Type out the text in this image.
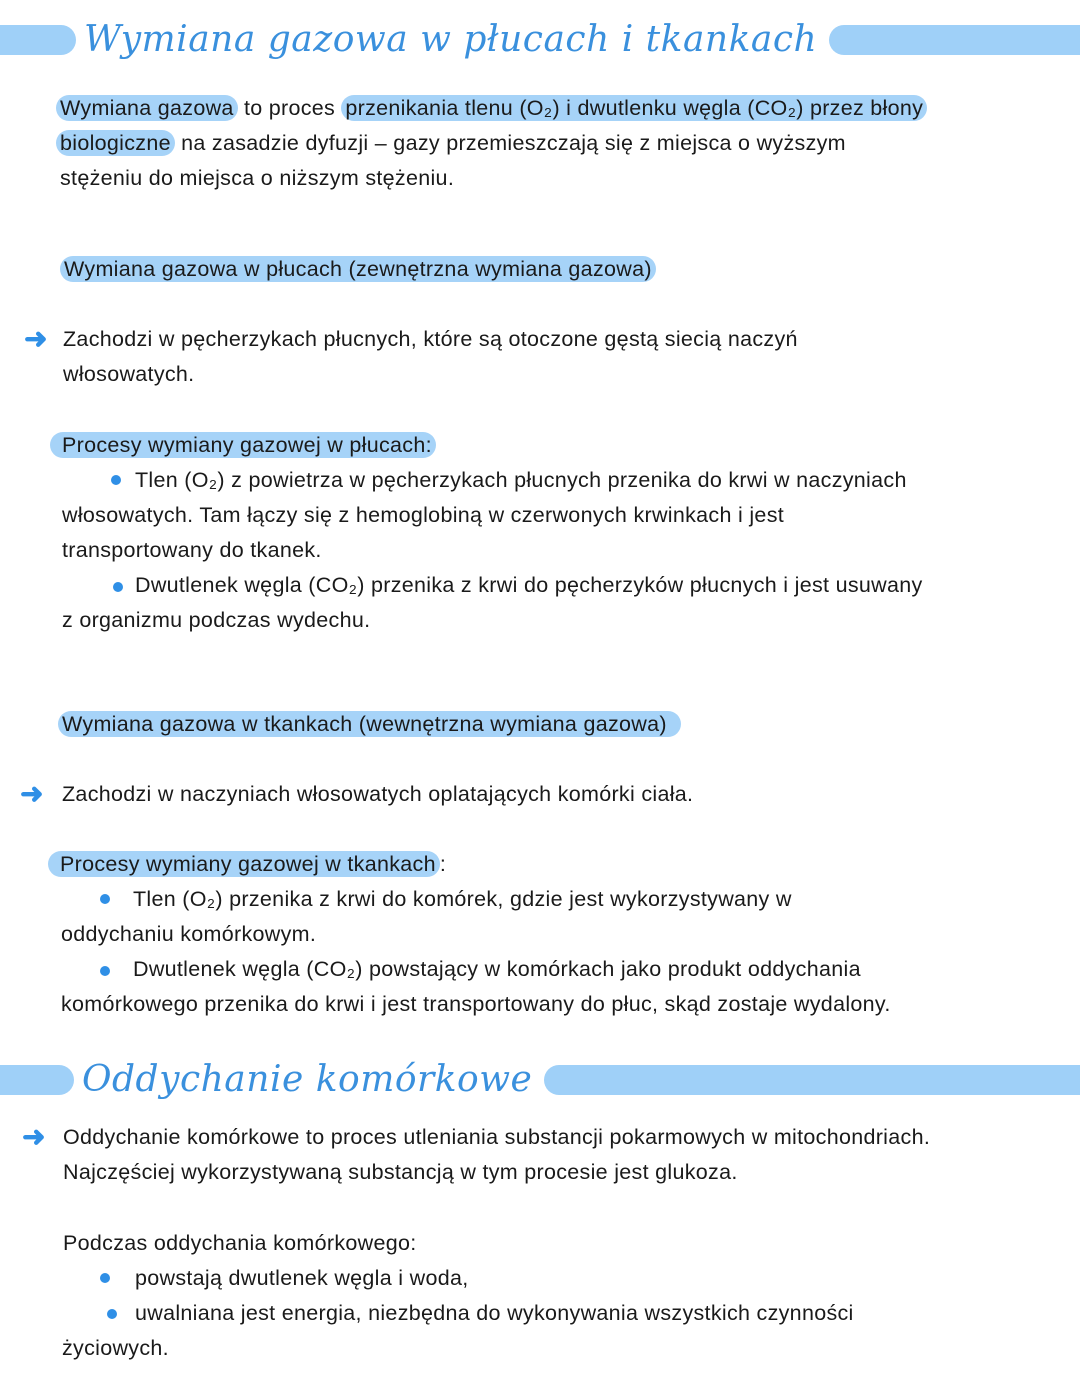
Wymiana gazowa w płucach i tkankach
Wymiana gazowa to proces przenikania tlenu (O₂) i dwutlenku węgla (CO₂) przez błony
biologiczne na zasadzie dyfuzji – gazy przemieszczają się z miejsca o wyższym
stężeniu do miejsca o niższym stężeniu.
Wymiana gazowa w płucach (zewnętrzna wymiana gazowa)
➜ Zachodzi w pęcherzykach płucnych, które są otoczone gęstą siecią naczyń
włosowatych.
Procesy wymiany gazowej w płucach:
Tlen (O₂) z powietrza w pęcherzykach płucnych przenika do krwi w naczyniach
włosowatych. Tam łączy się z hemoglobiną w czerwonych krwinkach i jest
transportowany do tkanek.
Dwutlenek węgla (CO₂) przenika z krwi do pęcherzyków płucnych i jest usuwany
z organizmu podczas wydechu.
Wymiana gazowa w tkankach (wewnętrzna wymiana gazowa)
➜ Zachodzi w naczyniach włosowatych oplatających komórki ciała.
Procesy wymiany gazowej w tkankach :
Tlen (O₂) przenika z krwi do komórek, gdzie jest wykorzystywany w
oddychaniu komórkowym.
Dwutlenek węgla (CO₂) powstający w komórkach jako produkt oddychania
komórkowego przenika do krwi i jest transportowany do płuc, skąd zostaje wydalony.
Oddychanie komórkowe
➜ Oddychanie komórkowe to proces utleniania substancji pokarmowych w mitochondriach.
Najczęściej wykorzystywaną substancją w tym procesie jest glukoza.
Podczas oddychania komórkowego:
powstają dwutlenek węgla i woda,
uwalniana jest energia, niezbędna do wykonywania wszystkich czynności
życiowych.
